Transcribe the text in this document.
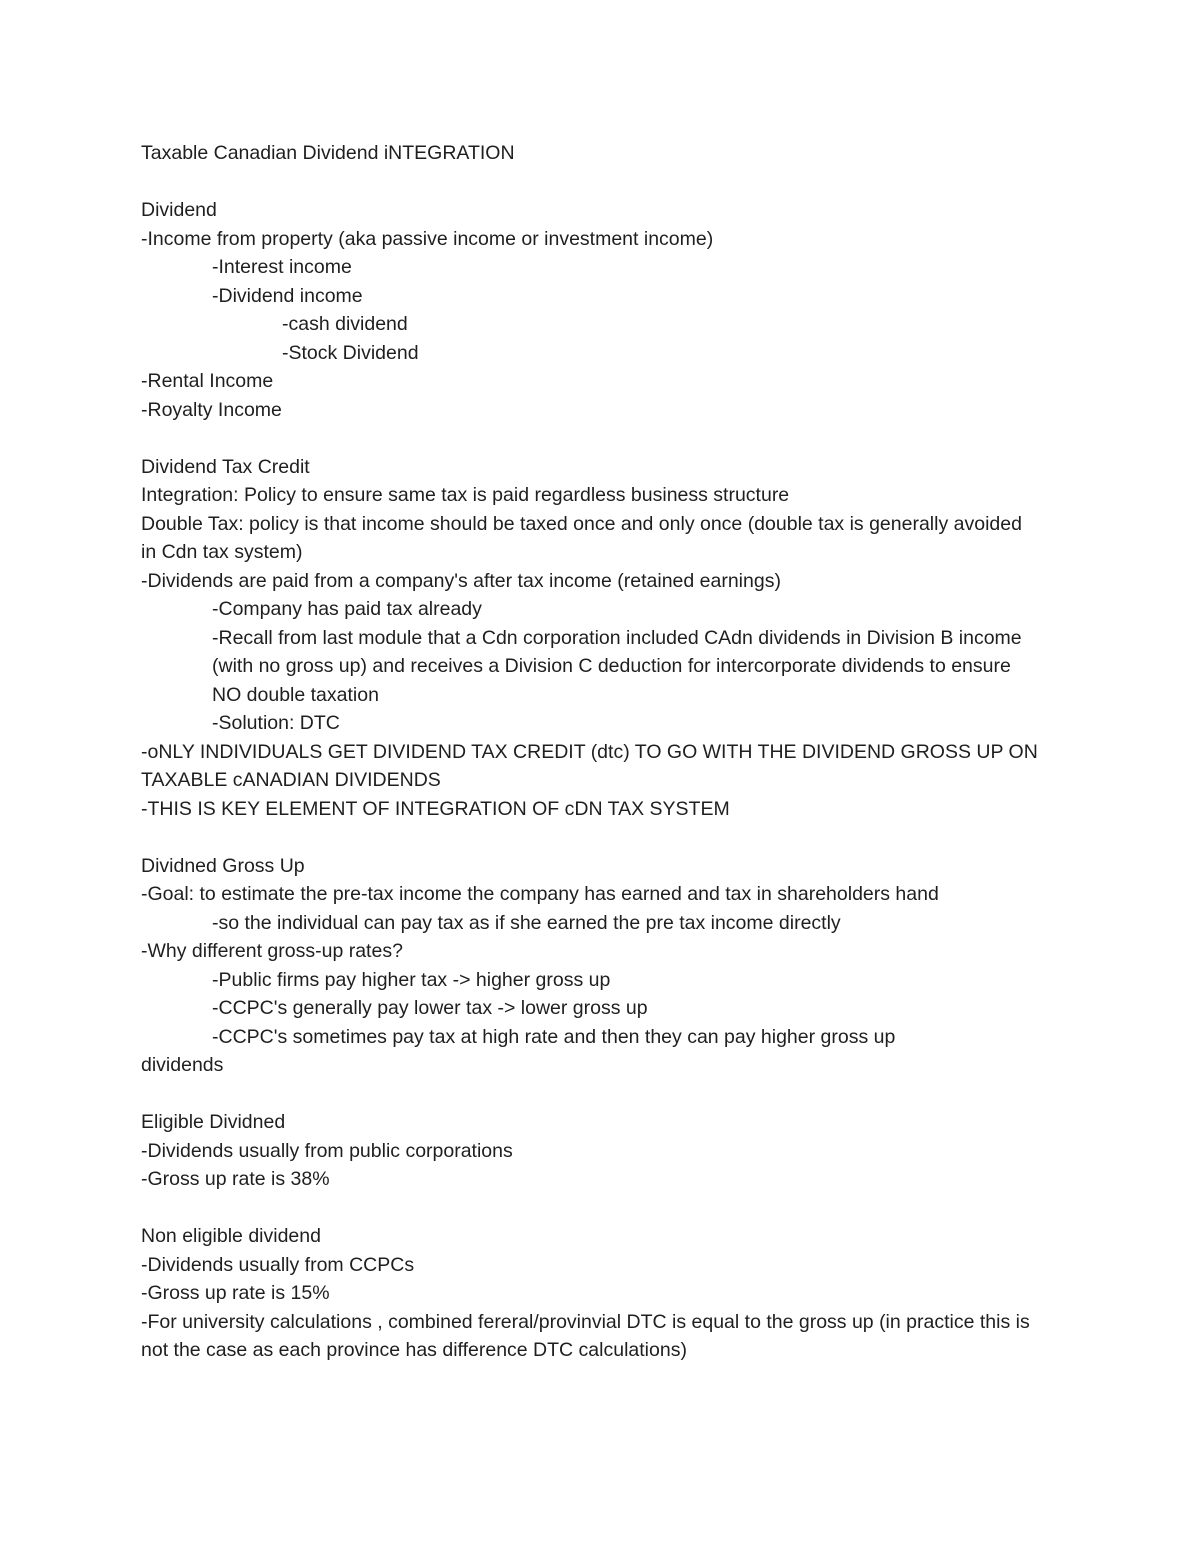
Taxable Canadian Dividend iNTEGRATION
Dividend
-Income from property (aka passive income or investment income)
-Interest income
-Dividend income
-cash dividend
-Stock Dividend
-Rental Income
-Royalty Income
Dividend Tax Credit
Integration: Policy to ensure same tax is paid regardless business structure
Double Tax: policy is that income should be taxed once and only once (double tax is generally avoided in Cdn tax system)
-Dividends are paid from a company's after tax income (retained earnings)
-Company has paid tax already
-Recall from last module that a Cdn corporation included CAdn dividends in Division B income (with no gross up) and receives a Division C deduction for intercorporate dividends to ensure NO double taxation
-Solution: DTC
-oNLY INDIVIDUALS GET DIVIDEND TAX CREDIT (dtc) TO GO WITH THE DIVIDEND GROSS UP ON TAXABLE cANADIAN DIVIDENDS
-THIS IS KEY ELEMENT OF INTEGRATION OF cDN TAX SYSTEM
Dividned Gross Up
-Goal: to estimate the pre-tax income the company has earned and tax in shareholders hand
-so the individual can pay tax as if she earned the pre tax income directly
-Why different gross-up rates?
-Public firms pay higher tax -> higher gross up
-CCPC's generally pay lower tax -> lower gross up
-CCPC's sometimes pay tax at high rate and then they can pay higher gross up
dividends
Eligible Dividned
-Dividends usually from public corporations
-Gross up rate is 38%
Non eligible dividend
-Dividends usually from CCPCs
-Gross up rate is 15%
-For university calculations , combined fereral/provinvial DTC is equal to the gross up (in practice this is not the case as each province has difference DTC calculations)
